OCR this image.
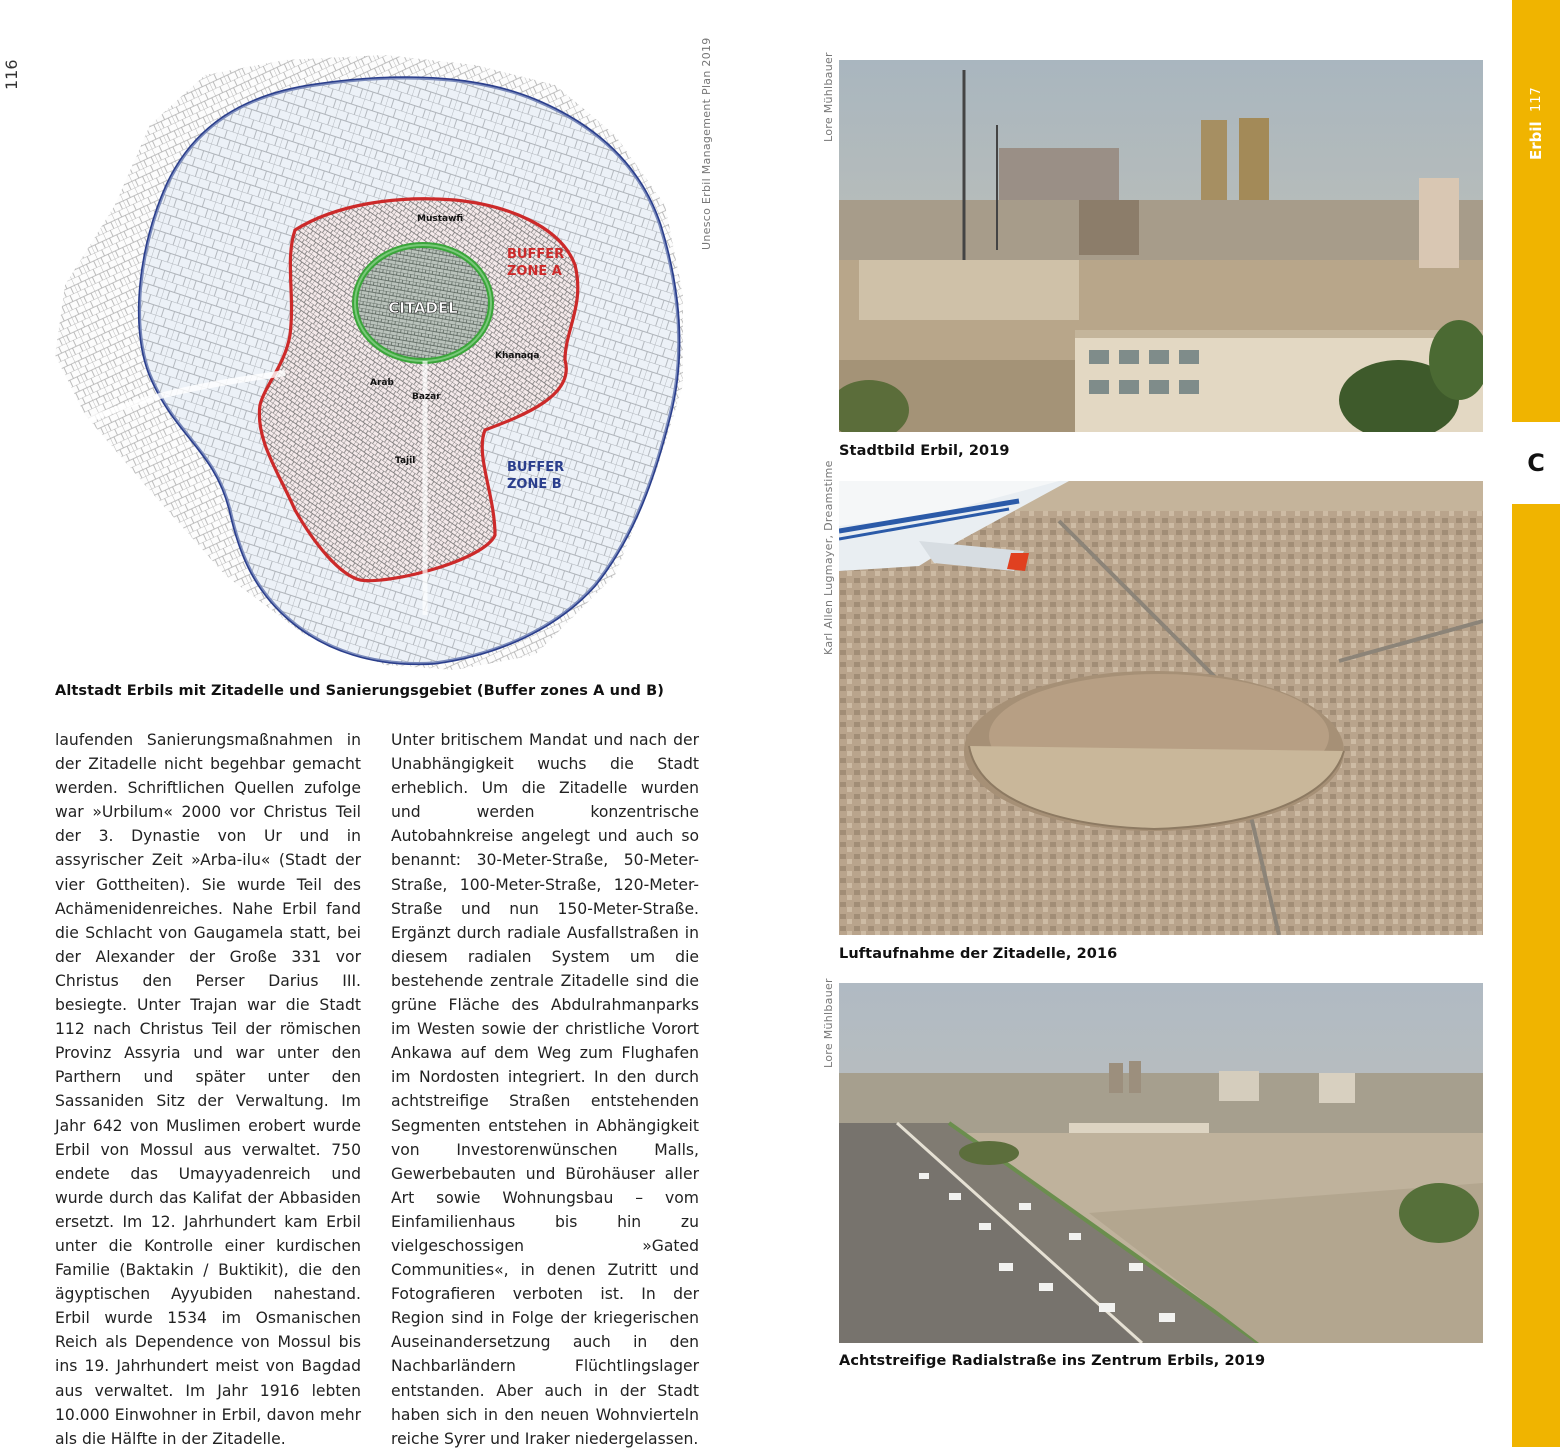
116
CITADEL
BUFFER
ZONE A
BUFFER
ZONE B
Mustawfi
Khanaqa
Arab
Bazar
Tajil
Unesco Erbil Management Plan 2019
Altstadt Erbils mit Zitadelle und Sanierungsgebiet (Buffer zones A und B)

laufenden Sanierungsmaßnahmen in der Zitadelle nicht begehbar gemacht werden. Schriftlichen Quellen zufolge war »Urbilum« 2000 vor Christus Teil der 3. Dynastie von Ur und in assyrischer Zeit »Arba-ilu« (Stadt der vier Gottheiten). Sie wurde Teil des Achämenidenreiches. Nahe Erbil fand die Schlacht von Gaugamela statt, bei der Alexander der Große 331 vor Christus den Perser Darius III. besiegte. Unter Trajan war die Stadt 112 nach Christus Teil der römischen Provinz Assyria und war unter den Parthern und später unter den Sassaniden Sitz der Verwaltung. Im Jahr 642 von Muslimen erobert wurde Erbil von Mossul aus verwaltet. 750 endete das Umayyadenreich und wurde durch das Kalifat der Abbasiden ersetzt. Im 12. Jahrhundert kam Erbil unter die Kontrolle einer kurdischen Familie (Baktakin / Buktikit), die den ägyptischen Ayyubiden nahestand. Erbil wurde 1534 im Osmanischen Reich als Dependence von Mossul bis ins 19. Jahrhundert meist von Bagdad aus verwaltet. Im Jahr 1916 lebten 10.000 Einwohner in Erbil, davon mehr als die Hälfte in der Zitadelle.

Unter britischem Mandat und nach der Unabhängigkeit wuchs die Stadt erheblich. Um die Zitadelle wurden und werden konzentrische Autobahnkreise angelegt und auch so benannt: 30-Meter-Straße, 50-Meter-Straße, 100-Meter-Straße, 120-Meter- Straße und nun 150-Meter-Straße. Ergänzt durch radiale Ausfallstraßen in diesem radialen System um die bestehende zentrale Zitadelle sind die grüne Fläche des Abdulrahmanparks im Westen sowie der christliche Vorort Ankawa auf dem Weg zum Flughafen im Nordosten integriert. In den durch achtstreifige Straßen entstehenden Segmenten entstehen in Abhängigkeit von Investorenwünschen Malls, Gewerbebauten und Bürohäuser aller Art sowie Wohnungsbau – vom Einfamilienhaus bis hin zu vielgeschossigen »Gated Communities«, in denen Zutritt und Fotografieren verboten ist. In der Region sind in Folge der kriegerischen Auseinandersetzung auch in den Nachbarländern Flüchtlingslager entstanden. Aber auch in der Stadt haben sich in den neuen Wohnvierteln reiche Syrer und Iraker niedergelassen.

Lore Mühlbauer
Stadtbild Erbil, 2019
Karl Allen Lugmayer, Dreamstime
Luftaufnahme der Zitadelle, 2016
Lore Mühlbauer
Achtstreifige Radialstraße ins Zentrum Erbils, 2019
117
Erbil
C
